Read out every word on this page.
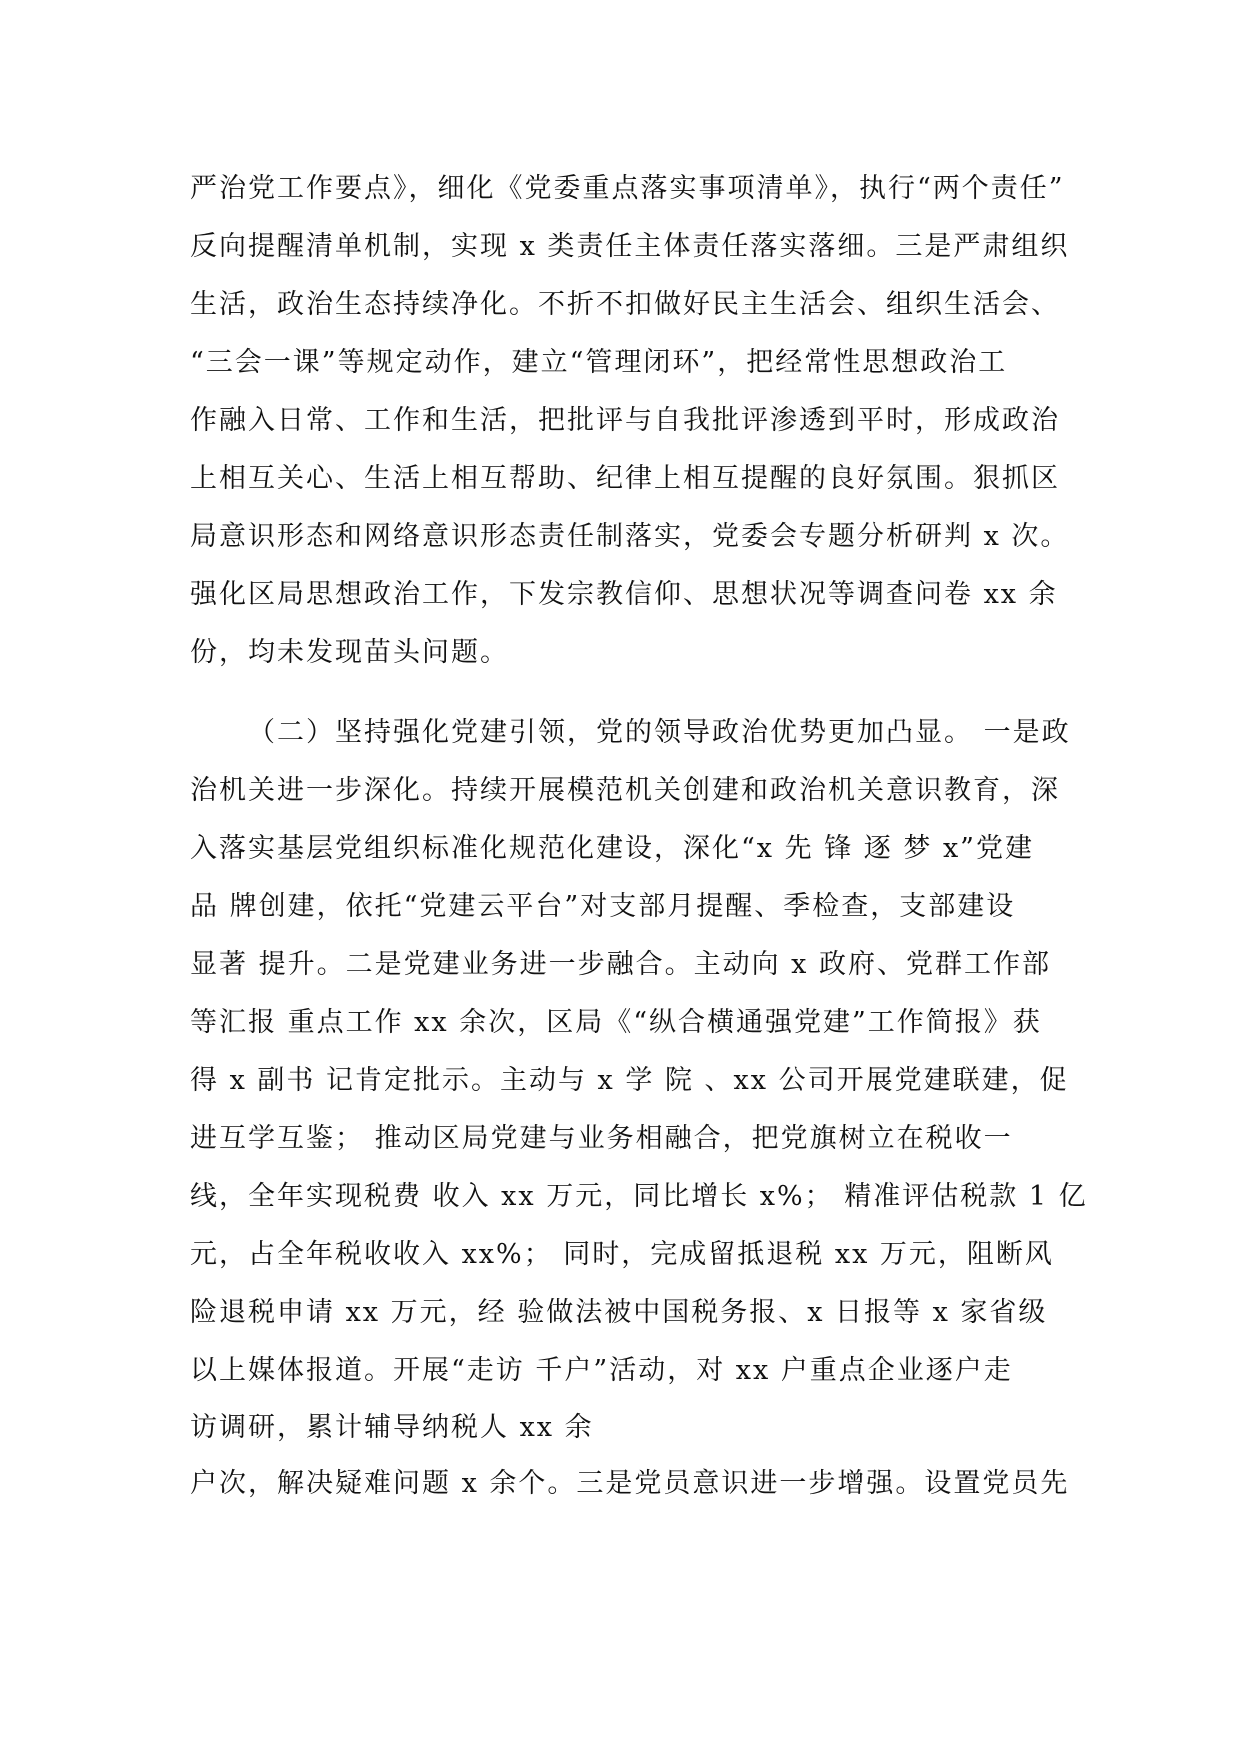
严治党工作要点》，细化《党委重点落实事项清单》，执行“两个责任”
反向提醒清单机制，实现 x 类责任主体责任落实落细。三是严肃组织
生活，政治生态持续净化。不折不扣做好民主生活会、组织生活会、
“三会一课”等规定动作，建立“管理闭环”，把经常性思想政治工
作融入日常、工作和生活，把批评与自我批评渗透到平时，形成政治
上相互关心、生活上相互帮助、纪律上相互提醒的良好氛围。狠抓区
局意识形态和网络意识形态责任制落实，党委会专题分析研判 x 次。
强化区局思想政治工作，下发宗教信仰、思想状况等调查问卷 xx 余
份，均未发现苗头问题。
（二）坚持强化党建引领，党的领导政治优势更加凸显。 一是政
治机关进一步深化。持续开展模范机关创建和政治机关意识教育，深
入落实基层党组织标准化规范化建设，深化“x 先 锋 逐 梦 x”党建
品 牌创建，依托“党建云平台”对支部月提醒、季检查，支部建设
显著 提升。二是党建业务进一步融合。主动向 x 政府、党群工作部
等汇报 重点工作 xx 余次，区局《“纵合横通强党建”工作简报》获
得 x 副书 记肯定批示。主动与 x 学 院 、xx 公司开展党建联建，促
进互学互鉴； 推动区局党建与业务相融合，把党旗树立在税收一
线，全年实现税费 收入 xx 万元，同比增长 x%； 精准评估税款 1 亿
元，占全年税收收入 xx%； 同时，完成留抵退税 xx 万元，阻断风
险退税申请 xx 万元，经 验做法被中国税务报、x 日报等 x 家省级
以上媒体报道。开展“走访 千户”活动，对 xx 户重点企业逐户走
访调研，累计辅导纳税人 xx 余
户次，解决疑难问题 x 余个。三是党员意识进一步增强。设置党员先
